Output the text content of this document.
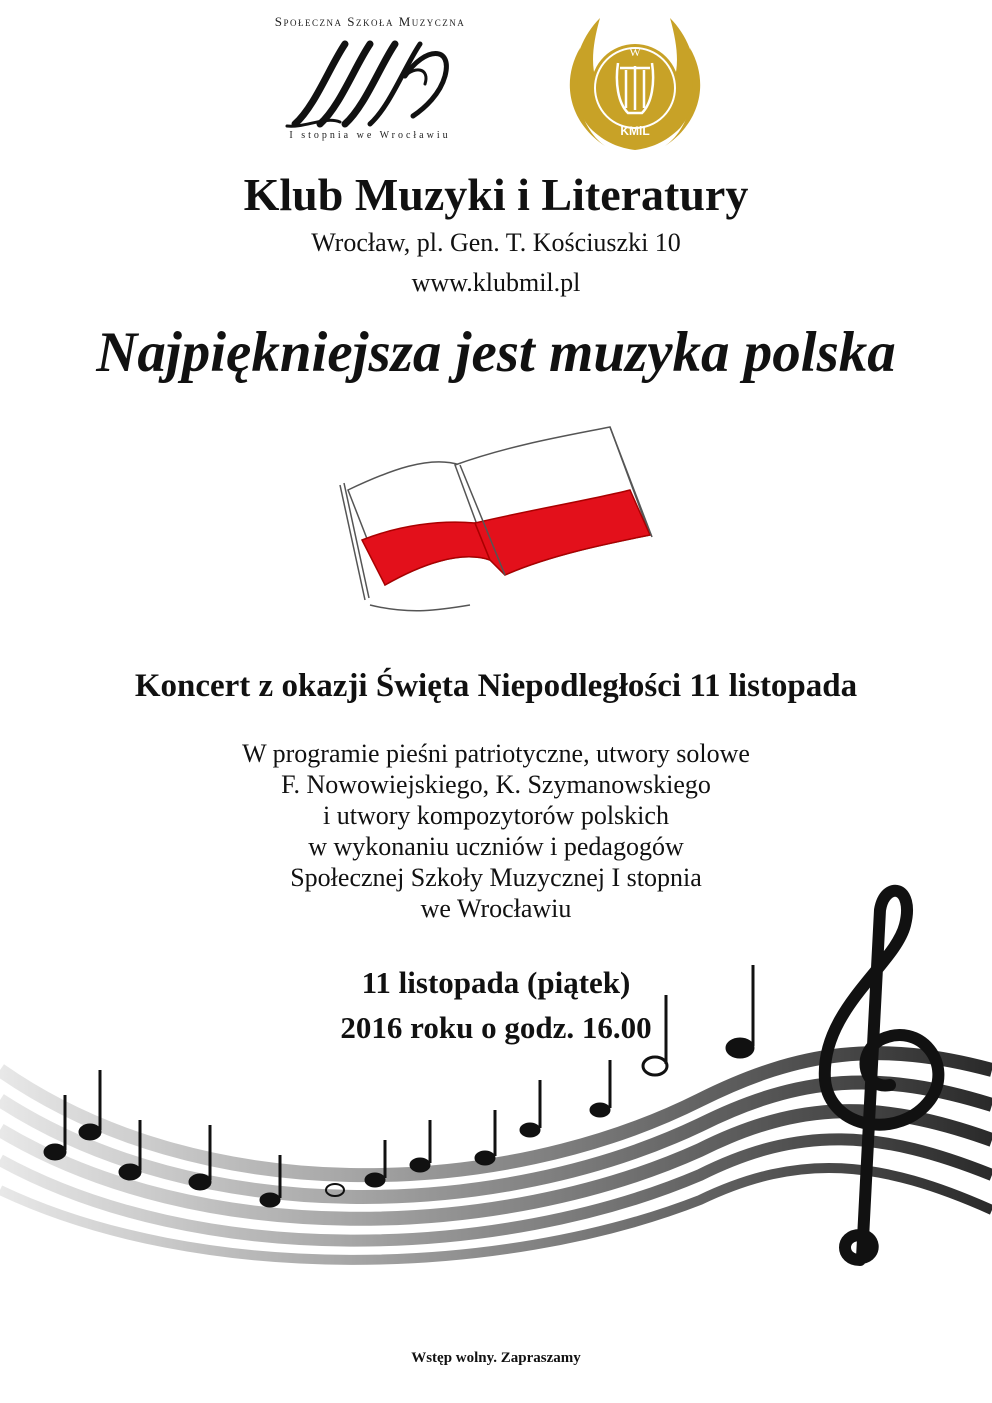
Społeczna Szkoła Muzyczna
I stopnia we Wrocławiu
W
KMiL
Klub Muzyki i Literatury
Wrocław, pl. Gen. T. Kościuszki 10
www.klubmil.pl
Najpiękniejsza jest muzyka polska
Koncert z okazji Święta Niepodległości 11 listopada
W programie pieśni patriotyczne, utwory solowe
F. Nowowiejskiego, K. Szymanowskiego
i utwory kompozytorów polskich
w wykonaniu uczniów i pedagogów
Społecznej Szkoły Muzycznej I stopnia
we Wrocławiu
11 listopada (piątek)
2016 roku o godz. 16.00
Wstęp wolny. Zapraszamy
